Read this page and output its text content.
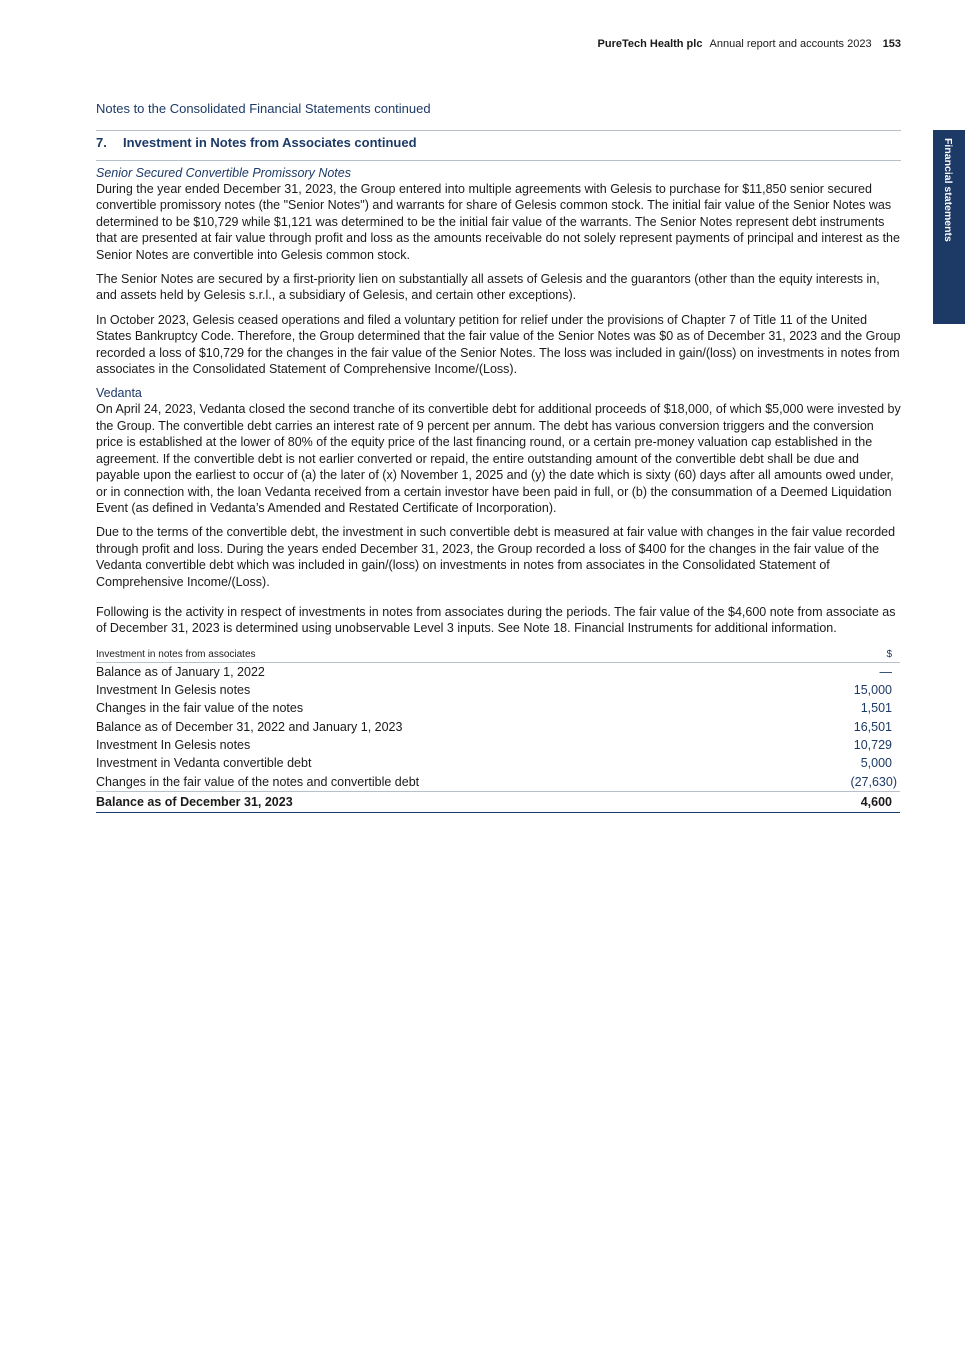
PureTech Health plc Annual report and accounts 2023 153
Financial statements
Notes to the Consolidated Financial Statements continued
7. Investment in Notes from Associates continued
Senior Secured Convertible Promissory Notes

During the year ended December 31, 2023, the Group entered into multiple agreements with Gelesis to purchase for $11,850 senior secured convertible promissory notes (the "Senior Notes") and warrants for share of Gelesis common stock. The initial fair value of the Senior Notes was determined to be $10,729 while $1,121 was determined to be the initial fair value of the warrants. The Senior Notes represent debt instruments that are presented at fair value through profit and loss as the amounts receivable do not solely represent payments of principal and interest as the Senior Notes are convertible into Gelesis common stock.

The Senior Notes are secured by a first-priority lien on substantially all assets of Gelesis and the guarantors (other than the equity interests in, and assets held by Gelesis s.r.l., a subsidiary of Gelesis, and certain other exceptions).

In October 2023, Gelesis ceased operations and filed a voluntary petition for relief under the provisions of Chapter 7 of Title 11 of the United States Bankruptcy Code. Therefore, the Group determined that the fair value of the Senior Notes was $0 as of December 31, 2023 and the Group recorded a loss of $10,729 for the changes in the fair value of the Senior Notes. The loss was included in gain/(loss) on investments in notes from associates in the Consolidated Statement of Comprehensive Income/(Loss).

Vedanta

On April 24, 2023, Vedanta closed the second tranche of its convertible debt for additional proceeds of $18,000, of which $5,000 were invested by the Group. The convertible debt carries an interest rate of 9 percent per annum. The debt has various conversion triggers and the conversion price is established at the lower of 80% of the equity price of the last financing round, or a certain pre-money valuation cap established in the agreement. If the convertible debt is not earlier converted or repaid, the entire outstanding amount of the convertible debt shall be due and payable upon the earliest to occur of (a) the later of (x) November 1, 2025 and (y) the date which is sixty (60) days after all amounts owed under, or in connection with, the loan Vedanta received from a certain investor have been paid in full, or (b) the consummation of a Deemed Liquidation Event (as defined in Vedanta’s Amended and Restated Certificate of Incorporation).

Due to the terms of the convertible debt, the investment in such convertible debt is measured at fair value with changes in the fair value recorded through profit and loss. During the years ended December 31, 2023, the Group recorded a loss of $400 for the changes in the fair value of the Vedanta convertible debt which was included in gain/(loss) on investments in notes from associates in the Consolidated Statement of Comprehensive Income/(Loss).

Following is the activity in respect of investments in notes from associates during the periods. The fair value of the $4,600 note from associate as of December 31, 2023 is determined using unobservable Level 3 inputs. See Note 18. Financial Instruments for additional information.

Investment in notes from associates	$
Balance as of January 1, 2022	—
Investment In Gelesis notes	15,000
Changes in the fair value of the notes	1,501
Balance as of December 31, 2022 and January 1, 2023	16,501
Investment In Gelesis notes	10,729
Investment in Vedanta convertible debt	5,000
Changes in the fair value of the notes and convertible debt	(27,630)
Balance as of December 31, 2023	4,600
